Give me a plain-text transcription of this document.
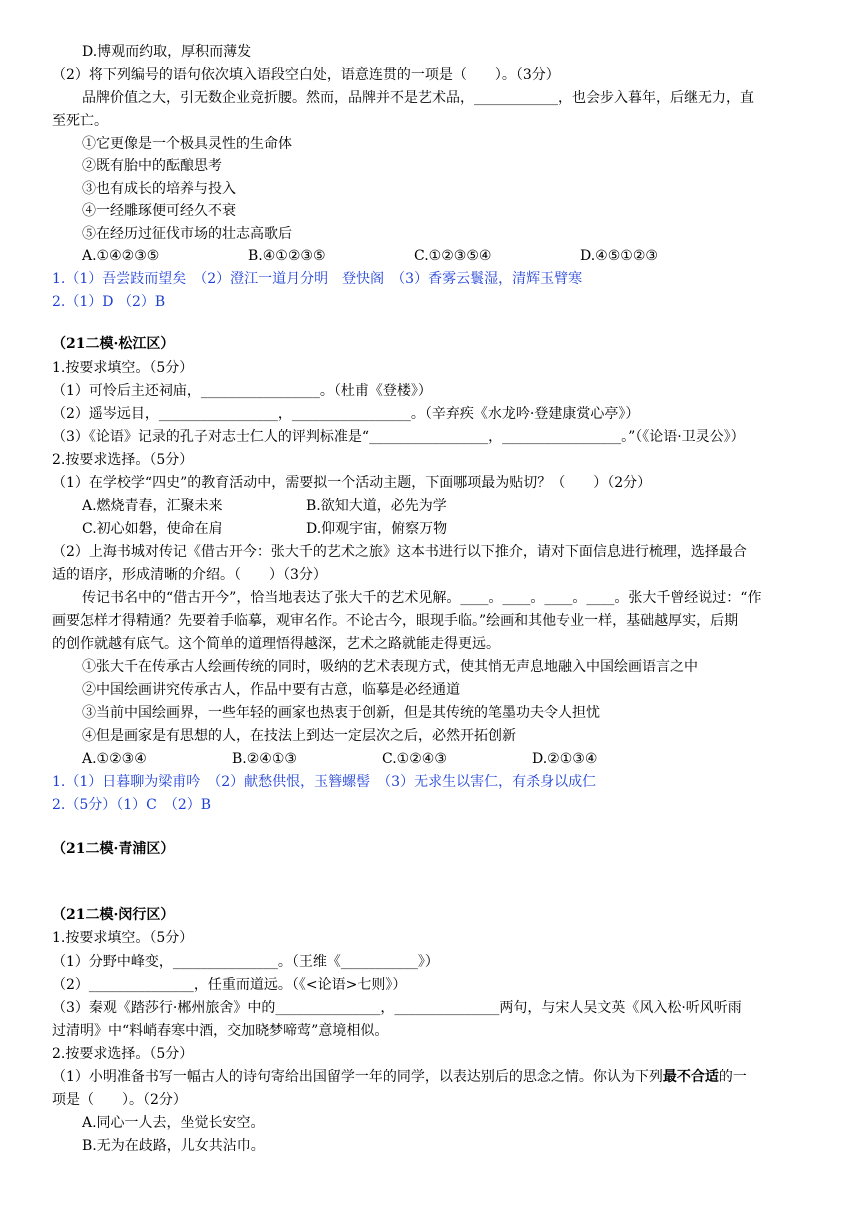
D.博观而约取，厚积而薄发
（2）将下列编号的语句依次填入语段空白处，语意连贯的一项是（　　）。（3分）
品牌价值之大，引无数企业竞折腰。然而，品牌并不是艺术品，____________，也会步入暮年，后继无力，直
至死亡。
①它更像是一个极具灵性的生命体
②既有胎中的酝酿思考
③也有成长的培养与投入
④一经雕琢便可经久不衰
⑤在经历过征伐市场的壮志高歌后
A.①④②③⑤	B.④①②③⑤	C.①②③⑤④	D.④⑤①②③
1.（1）吾尝跂而望矣　（2）澄江一道月分明　登快阁　（3）香雾云鬟湿，清辉玉臂寒
2.（1）D （2）B
（21二模·松江区）
1.按要求填空。（5分）
（1）可怜后主还祠庙，_________________。（杜甫《登楼》）
（2）遥岑远目，_________________，_________________。（辛弃疾《水龙吟·登建康赏心亭》）
（3）《论语》记录的孔子对志士仁人的评判标准是“_________________，_________________。”（《论语·卫灵公》）
2.按要求选择。（5分）
（1）在学校学“四史”的教育活动中，需要拟一个活动主题，下面哪项最为贴切？（　　）（2分）
A.燃烧青春，汇聚未来	B.欲知大道，必先为学
C.初心如磐，使命在肩	D.仰观宇宙，俯察万物
（2）上海书城对传记《借古开今：张大千的艺术之旅》这本书进行以下推介，请对下面信息进行梳理，选择最合
适的语序，形成清晰的介绍。（　　）（3分）
传记书名中的“借古开今”，恰当地表达了张大千的艺术见解。____。____。____。____。张大千曾经说过：“作
画要怎样才得精通？先要着手临摹，观审名作。不论古今，眼现手临。”绘画和其他专业一样，基础越厚实，后期
的创作就越有底气。这个简单的道理悟得越深，艺术之路就能走得更远。
①张大千在传承古人绘画传统的同时，吸纳的艺术表现方式，使其悄无声息地融入中国绘画语言之中
②中国绘画讲究传承古人，作品中要有古意，临摹是必经通道
③当前中国绘画界，一些年轻的画家也热衷于创新，但是其传统的笔墨功夫令人担忧
④但是画家是有思想的人，在技法上到达一定层次之后，必然开拓创新
A.①②③④	B.②④①③	C.①②④③	D.②①③④
1.（1）日暮聊为梁甫吟　（2）献愁供恨，玉簪螺髻　（3）无求生以害仁，有杀身以成仁
2.（5分）（1）C　（2）B
（21二模·青浦区）
（21二模·闵行区）
1.按要求填空。（5分）
（1）分野中峰变，_______________。（王维《___________》）
（2）_______________，任重而道远。（《<论语>七则》）
（3）秦观《踏莎行·郴州旅舍》中的_______________，_______________两句，与宋人吴文英《风入松·听风听雨
过清明》中“料峭春寒中酒，交加晓梦啼莺”意境相似。
2.按要求选择。（5分）
（1）小明准备书写一幅古人的诗句寄给出国留学一年的同学，以表达别后的思念之情。你认为下列最不合适的一
项是（　　）。（2分）
A.同心一人去，坐觉长安空。
B.无为在歧路，儿女共沾巾。
